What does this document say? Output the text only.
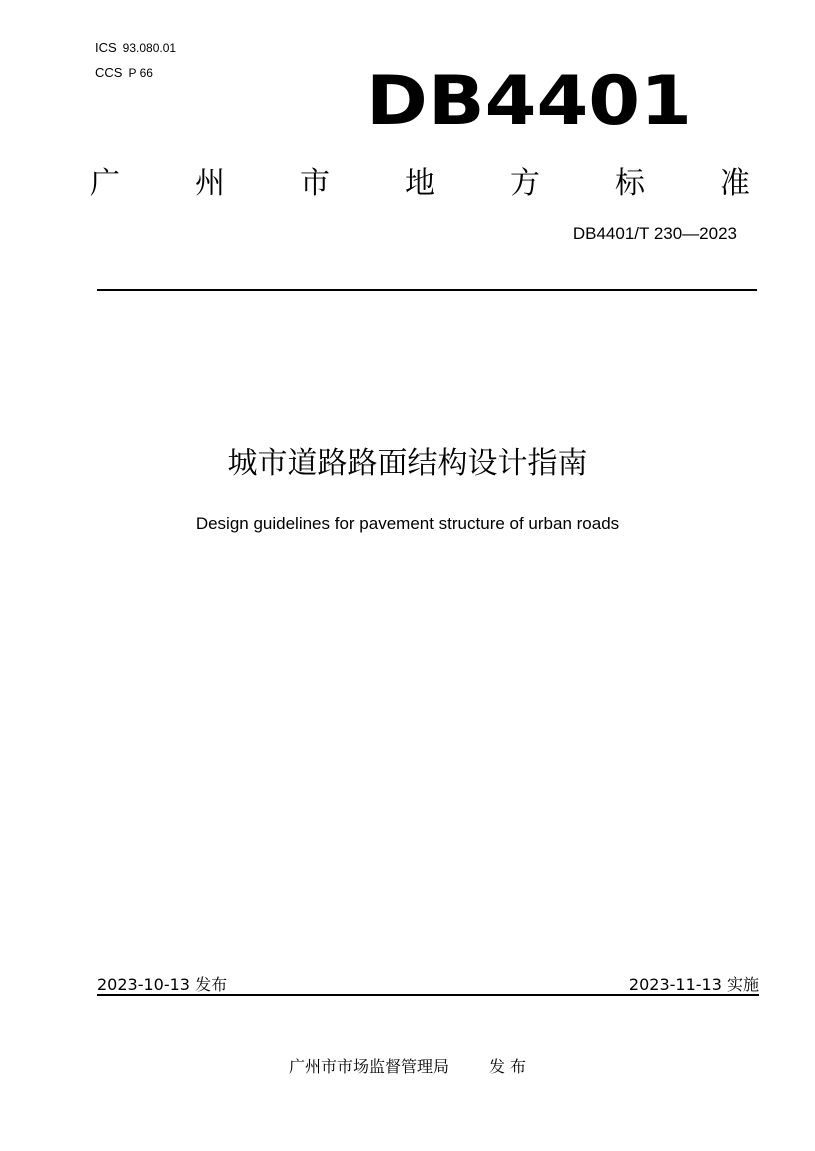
ICS 93.080.01
CCS P 66	DB4401
广	州	市	地	方	标	准
DB4401/T 230—2023
城市道路路面结构设计指南
Design guidelines for pavement structure of urban roads
2023-10-13 发布	2023-11-13 实施
广州市市场监督管理局	发 布
